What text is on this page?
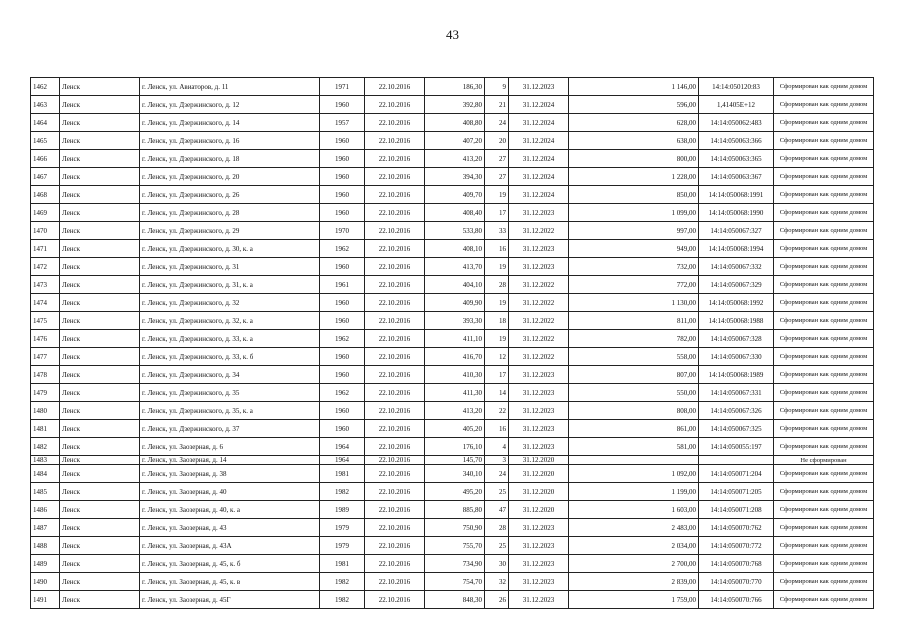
43
1462	Ленск	г. Ленск, ул. Авиаторов, д. 11	1971	22.10.2016	186,30	9	31.12.2023	1 146,00	14:14:050120:83	Сформирован как одним домом
1463	Ленск	г. Ленск, ул. Дзержинского, д. 12	1960	22.10.2016	392,80	21	31.12.2024	596,00	1,41405E+12	Сформирован как одним домом
1464	Ленск	г. Ленск, ул. Дзержинского, д. 14	1957	22.10.2016	408,80	24	31.12.2024	628,00	14:14:050062:483	Сформирован как одним домом
1465	Ленск	г. Ленск, ул. Дзержинского, д. 16	1960	22.10.2016	407,20	20	31.12.2024	638,00	14:14:050063:366	Сформирован как одним домом
1466	Ленск	г. Ленск, ул. Дзержинского, д. 18	1960	22.10.2016	413,20	27	31.12.2024	800,00	14:14:050063:365	Сформирован как одним домом
1467	Ленск	г. Ленск, ул. Дзержинского, д. 20	1960	22.10.2016	394,30	27	31.12.2024	1 228,00	14:14:050063:367	Сформирован как одним домом
1468	Ленск	г. Ленск, ул. Дзержинского, д. 26	1960	22.10.2016	409,70	19	31.12.2024	850,00	14:14:050068:1991	Сформирован как одним домом
1469	Ленск	г. Ленск, ул. Дзержинского, д. 28	1960	22.10.2016	408,40	17	31.12.2023	1 099,00	14:14:050068:1990	Сформирован как одним домом
1470	Ленск	г. Ленск, ул. Дзержинского, д. 29	1970	22.10.2016	533,80	33	31.12.2022	997,00	14:14:050067:327	Сформирован как одним домом
1471	Ленск	г. Ленск, ул. Дзержинского, д. 30, к. а	1962	22.10.2016	408,10	16	31.12.2023	949,00	14:14:050068:1994	Сформирован как одним домом
1472	Ленск	г. Ленск, ул. Дзержинского, д. 31	1960	22.10.2016	413,70	19	31.12.2023	732,00	14:14:050067:332	Сформирован как одним домом
1473	Ленск	г. Ленск, ул. Дзержинского, д. 31, к. а	1961	22.10.2016	404,10	28	31.12.2022	772,00	14:14:050067:329	Сформирован как одним домом
1474	Ленск	г. Ленск, ул. Дзержинского, д. 32	1960	22.10.2016	409,90	19	31.12.2022	1 130,00	14:14:050068:1992	Сформирован как одним домом
1475	Ленск	г. Ленск, ул. Дзержинского, д. 32, к. а	1960	22.10.2016	393,30	18	31.12.2022	811,00	14:14:050068:1988	Сформирован как одним домом
1476	Ленск	г. Ленск, ул. Дзержинского, д. 33, к. а	1962	22.10.2016	411,10	19	31.12.2022	782,00	14:14:050067:328	Сформирован как одним домом
1477	Ленск	г. Ленск, ул. Дзержинского, д. 33, к. б	1960	22.10.2016	416,70	12	31.12.2022	558,00	14:14:050067:330	Сформирован как одним домом
1478	Ленск	г. Ленск, ул. Дзержинского, д. 34	1960	22.10.2016	410,30	17	31.12.2023	807,00	14:14:050068:1989	Сформирован как одним домом
1479	Ленск	г. Ленск, ул. Дзержинского, д. 35	1962	22.10.2016	411,30	14	31.12.2023	550,00	14:14:050067:331	Сформирован как одним домом
1480	Ленск	г. Ленск, ул. Дзержинского, д. 35, к. а	1960	22.10.2016	413,20	22	31.12.2023	808,00	14:14:050067:326	Сформирован как одним домом
1481	Ленск	г. Ленск, ул. Дзержинского, д. 37	1960	22.10.2016	405,20	16	31.12.2023	861,00	14:14:050067:325	Сформирован как одним домом
1482	Ленск	г. Ленск, ул. Заозерная, д. 6	1964	22.10.2016	176,10	4	31.12.2023	581,00	14:14:050055:197	Сформирован как одним домом
1483	Ленск	г. Ленск, ул. Заозерная, д. 14	1964	22.10.2016	145,70	3	31.12.2020			Не сформирован
1484	Ленск	г. Ленск, ул. Заозерная, д. 38	1981	22.10.2016	340,10	24	31.12.2020	1 092,00	14:14:050071:204	Сформирован как одним домом
1485	Ленск	г. Ленск, ул. Заозерная, д. 40	1982	22.10.2016	495,20	25	31.12.2020	1 199,00	14:14:050071:205	Сформирован как одним домом
1486	Ленск	г. Ленск, ул. Заозерная, д. 40, к. а	1989	22.10.2016	885,80	47	31.12.2020	1 603,00	14:14:050071:208	Сформирован как одним домом
1487	Ленск	г. Ленск, ул. Заозерная, д. 43	1979	22.10.2016	750,90	28	31.12.2023	2 483,00	14:14:050070:762	Сформирован как одним домом
1488	Ленск	г. Ленск, ул. Заозерная, д. 43А	1979	22.10.2016	755,70	25	31.12.2023	2 034,00	14:14:050070:772	Сформирован как одним домом
1489	Ленск	г. Ленск, ул. Заозерная, д. 45, к. б	1981	22.10.2016	734,90	30	31.12.2023	2 700,00	14:14:050070:768	Сформирован как одним домом
1490	Ленск	г. Ленск, ул. Заозерная, д. 45, к. в	1982	22.10.2016	754,70	32	31.12.2023	2 839,00	14:14:050070:770	Сформирован как одним домом
1491	Ленск	г. Ленск, ул. Заозерная, д. 45Г	1982	22.10.2016	848,30	26	31.12.2023	1 759,00	14:14:050070:766	Сформирован как одним домом
